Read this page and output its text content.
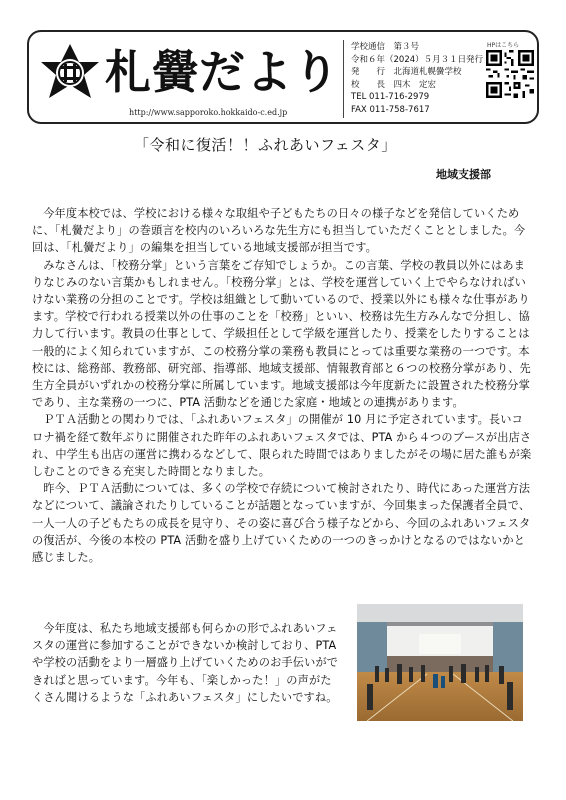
札黌だより
http://www.sapporoko.hokkaido-c.ed.jp
学校通信　第３号
令和６年（2024）５月３１日発行
発　　行　北海道札幌黌学校
校　　長　四木　定宏
TEL 011-716-2979
FAX 011-758-7617
HPはこちら
「令和に復活！！ふれあいフェスタ」
地域支援部

今年度本校では、学校における様々な取組や子どもたちの日々の様子などを発信していくために、「札黌だより」の巻頭言を校内のいろいろな先生方にも担当していただくこととしました。今回は、「札黌だより」の編集を担当している地域支援部が担当です。

みなさんは、「校務分掌」という言葉をご存知でしょうか。この言葉、学校の教員以外にはあまりなじみのない言葉かもしれません。「校務分掌」とは、学校を運営していく上でやらなければいけない業務の分担のことです。学校は組織として動いているので、授業以外にも様々な仕事があります。学校で行われる授業以外の仕事のことを「校務」といい、校務は先生方みんなで分担し、協力して行います。教員の仕事として、学級担任として学級を運営したり、授業をしたりすることは一般的によく知られていますが、この校務分掌の業務も教員にとっては重要な業務の一つです。本校には、総務部、教務部、研究部、指導部、地域支援部、情報教育部と６つの校務分掌があり、先生方全員がいずれかの校務分掌に所属しています。地域支援部は今年度新たに設置された校務分掌であり、主な業務の一つに、PTA 活動などを通じた家庭・地域との連携があります。

ＰＴＡ活動との関わりでは、「ふれあいフェスタ」の開催が 10 月に予定されています。長いコロナ禍を経て数年ぶりに開催された昨年のふれあいフェスタでは、PTA から４つのブースが出店され、中学生も出店の運営に携わるなどして、限られた時間ではありましたがその場に居た誰もが楽しむことのできる充実した時間となりました。

昨今、ＰＴＡ活動については、多くの学校で存続について検討されたり、時代にあった運営方法などについて、議論されたりしていることが話題となっていますが、今回集まった保護者全員で、一人一人の子どもたちの成長を見守り、その姿に喜び合う様子などから、今回のふれあいフェスタの復活が、今後の本校の PTA 活動を盛り上げていくための一つのきっかけとなるのではないかと感じました。

今年度は、私たち地域支援部も何らかの形でふれあいフェスタの運営に参加することができないか検討しており、PTA や学校の活動をより一層盛り上げていくためのお手伝いができればと思っています。今年も、「楽しかった！」の声がたくさん聞けるような「ふれあいフェスタ」にしたいですね。
